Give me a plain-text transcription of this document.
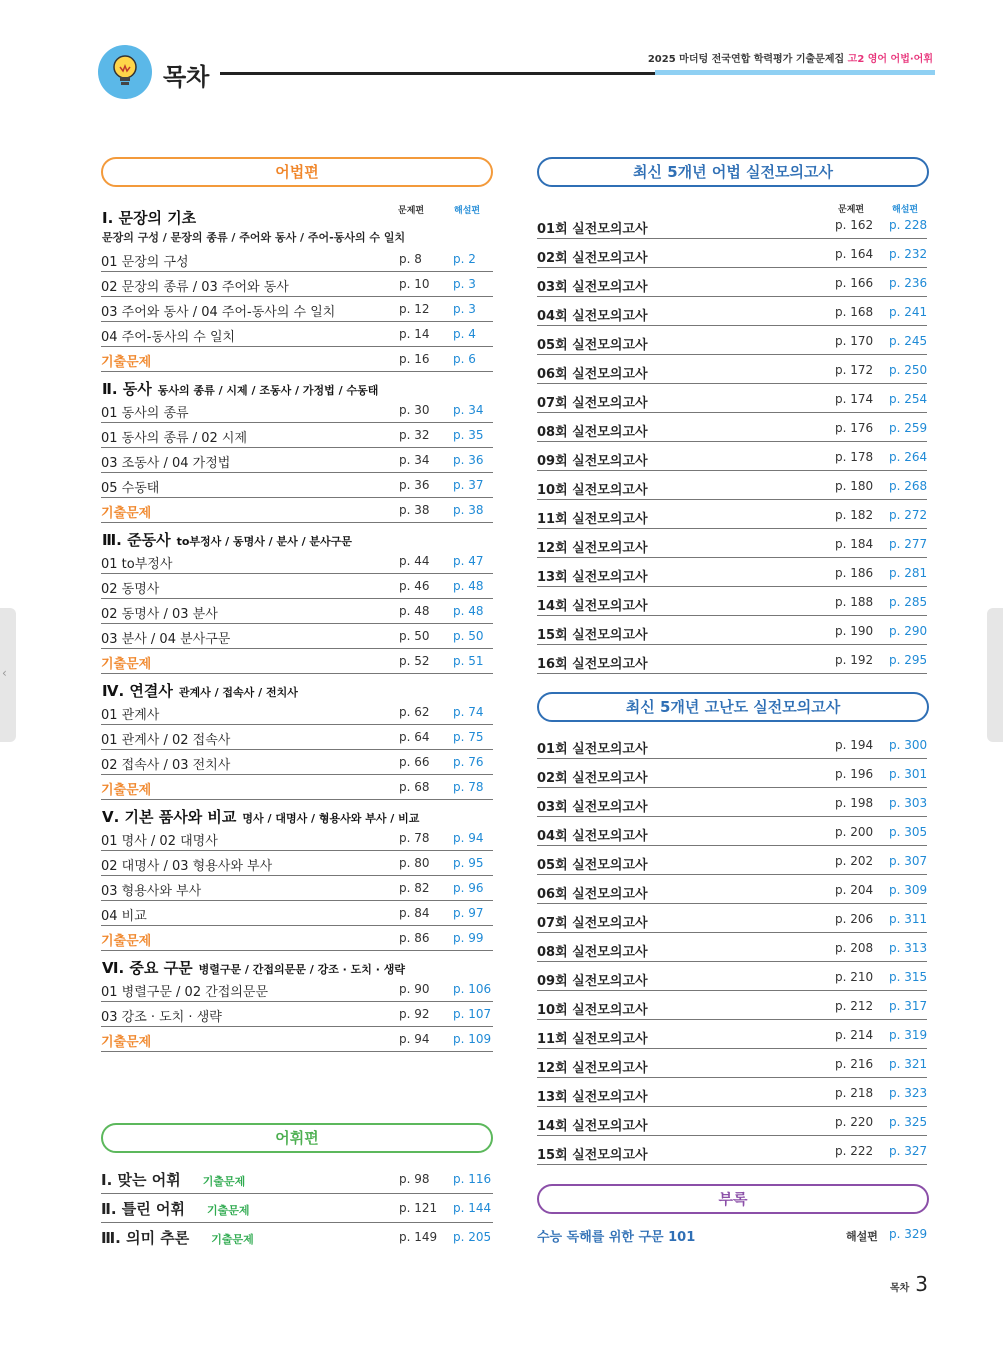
‹
목차
2025 마더텅 전국연합 학력평가 기출문제집 고2 영어 어법·어휘
어법편
문제편	해설편
Ⅰ. 문장의 기초
문장의 구성 / 문장의 종류 / 주어와 동사 / 주어-동사의 수 일치
01 문장의 구성	p. 8	p. 2
02 문장의 종류 / 03 주어와 동사	p. 10 p. 3
03 주어와 동사 / 04 주어-동사의 수 일치	p. 12 p. 3
04 주어-동사의 수 일치	p. 14 p. 4
기출문제	p. 16 p. 6
Ⅱ. 동사 동사의 종류 / 시제 / 조동사 / 가정법 / 수동태
01 동사의 종류	p. 30 p. 34
01 동사의 종류 / 02 시제	p. 32 p. 35
03 조동사 / 04 가정법	p. 34 p. 36
05 수동태	p. 36 p. 37
기출문제	p. 38 p. 38
Ⅲ. 준동사 to부정사 / 동명사 / 분사 / 분사구문
01 to부정사	p. 44 p. 47
02 동명사	p. 46 p. 48
02 동명사 / 03 분사	p. 48 p. 48
03 분사 / 04 분사구문	p. 50 p. 50
기출문제	p. 52 p. 51
Ⅳ. 연결사 관계사 / 접속사 / 전치사
01 관계사	p. 62 p. 74
01 관계사 / 02 접속사	p. 64 p. 75
02 접속사 / 03 전치사	p. 66 p. 76
기출문제	p. 68 p. 78
Ⅴ. 기본 품사와 비교 명사 / 대명사 / 형용사와 부사 / 비교
01 명사 / 02 대명사	p. 78 p. 94
02 대명사 / 03 형용사와 부사	p. 80 p. 95
03 형용사와 부사	p. 82 p. 96
04 비교	p. 84 p. 97
기출문제	p. 86 p. 99
Ⅵ. 중요 구문 병렬구문 / 간접의문문 / 강조 · 도치 · 생략
01 병렬구문 / 02 간접의문문	p. 90 p. 106
03 강조 · 도치 · 생략	p. 92 p. 107
기출문제	p. 94 p. 109
어휘편
Ⅰ. 맞는 어휘 기출문제	p. 98 p. 116
Ⅱ. 틀린 어휘 기출문제	p. 121 p. 144
Ⅲ. 의미 추론 기출문제	p. 149 p. 205
최신 5개년 어법 실전모의고사
문제편	해설편
01회 실전모의고사	p. 162 p. 228
02회 실전모의고사	p. 164 p. 232
03회 실전모의고사	p. 166 p. 236
04회 실전모의고사	p. 168 p. 241
05회 실전모의고사	p. 170 p. 245
06회 실전모의고사	p. 172 p. 250
07회 실전모의고사	p. 174 p. 254
08회 실전모의고사	p. 176 p. 259
09회 실전모의고사	p. 178 p. 264
10회 실전모의고사	p. 180 p. 268
11회 실전모의고사	p. 182 p. 272
12회 실전모의고사	p. 184 p. 277
13회 실전모의고사	p. 186 p. 281
14회 실전모의고사	p. 188 p. 285
15회 실전모의고사	p. 190 p. 290
16회 실전모의고사	p. 192 p. 295
최신 5개년 고난도 실전모의고사
01회 실전모의고사	p. 194 p. 300
02회 실전모의고사	p. 196 p. 301
03회 실전모의고사	p. 198 p. 303
04회 실전모의고사	p. 200 p. 305
05회 실전모의고사	p. 202 p. 307
06회 실전모의고사	p. 204 p. 309
07회 실전모의고사	p. 206 p. 311
08회 실전모의고사	p. 208 p. 313
09회 실전모의고사	p. 210 p. 315
10회 실전모의고사	p. 212 p. 317
11회 실전모의고사	p. 214 p. 319
12회 실전모의고사	p. 216 p. 321
13회 실전모의고사	p. 218 p. 323
14회 실전모의고사	p. 220 p. 325
15회 실전모의고사	p. 222 p. 327
부록
수능 독해를 위한 구문 101	해설편 p. 329
목차 3
